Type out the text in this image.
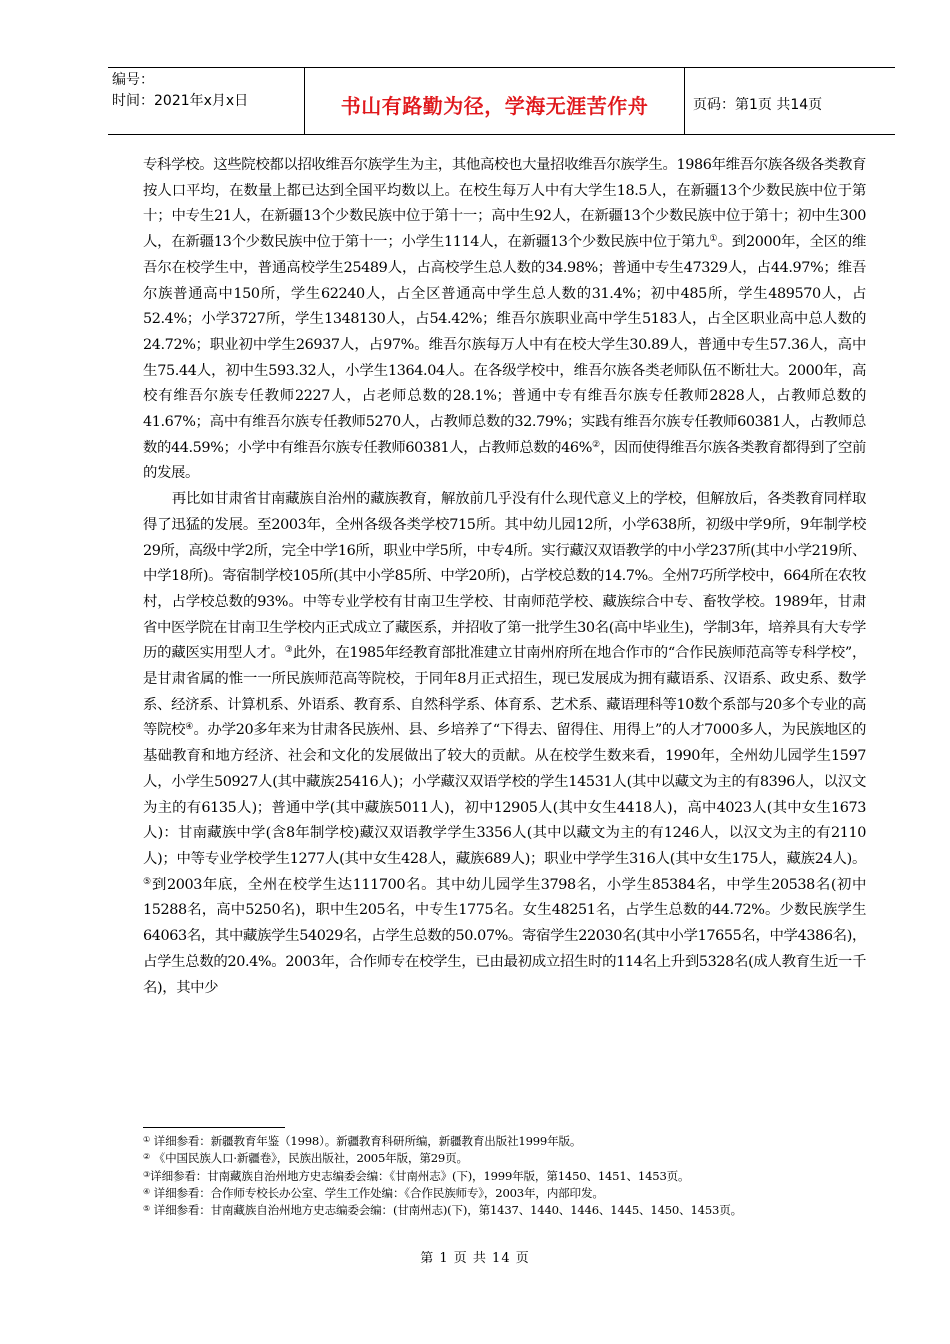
编号：
时间：2021年x月x日	书山有路勤为径，学海无涯苦作舟	页码：第1页 共14页

专科学校。这些院校都以招收维吾尔族学生为主，其他高校也大量招收维吾尔族学生。1986年维吾尔族各级各类教育按人口平均，在数量上都已达到全国平均数以上。在校生每万人中有大学生18.5人，在新疆13个少数民族中位于第十；中专生21人，在新疆13个少数民族中位于第十一；高中生92人，在新疆13个少数民族中位于第十；初中生300人，在新疆13个少数民族中位于第十一；小学生1114人，在新疆13个少数民族中位于第九①。到2000年，全区的维吾尔在校学生中，普通高校学生25489人，占高校学生总人数的34.98%；普通中专生47329人，占44.97%；维吾尔族普通高中150所，学生62240人，占全区普通高中学生总人数的31.4%；初中485所，学生489570人，占52.4%；小学3727所，学生1348130人，占54.42%；维吾尔族职业高中学生5183人，占全区职业高中总人数的24.72%；职业初中学生26937人，占97%。维吾尔族每万人中有在校大学生30.89人，普通中专生57.36人，高中生75.44人，初中生593.32人，小学生1364.04人。在各级学校中，维吾尔族各类老师队伍不断壮大。2000年，高校有维吾尔族专任教师2227人，占老师总数的28.1%；普通中专有维吾尔族专任教师2828人，占教师总数的41.67%；高中有维吾尔族专任教师5270人，占教师总数的32.79%；实践有维吾尔族专任教师60381人，占教师总数的44.59%；小学中有维吾尔族专任教师60381人，占教师总数的46%②，因而使得维吾尔族各类教育都得到了空前的发展。

再比如甘肃省甘南藏族自治州的藏族教育，解放前几乎没有什么现代意义上的学校，但解放后，各类教育同样取得了迅猛的发展。至2003年，全州各级各类学校715所。其中幼儿园12所，小学638所，初级中学9所，9年制学校29所，高级中学2所，完全中学16所，职业中学5所，中专4所。实行藏汉双语教学的中小学237所(其中小学219所、中学18所)。寄宿制学校105所(其中小学85所、中学20所)，占学校总数的14.7%。全州7巧所学校中，664所在农牧村，占学校总数的93%。中等专业学校有甘南卫生学校、甘南师范学校、藏族综合中专、畜牧学校。1989年，甘肃省中医学院在甘南卫生学校内正式成立了藏医系，并招收了第一批学生30名(高中毕业生)，学制3年，培养具有大专学历的藏医实用型人才。③此外，在1985年经教育部批准建立甘南州府所在地合作市的“合作民族师范高等专科学校”，是甘肃省属的惟一一所民族师范高等院校，于同年8月正式招生，现已发展成为拥有藏语系、汉语系、政史系、数学系、经济系、计算机系、外语系、教育系、自然科学系、体育系、艺术系、藏语理科等10数个系部与20多个专业的高等院校④。办学20多年来为甘肃各民族州、县、乡培养了“下得去、留得住、用得上”的人才7000多人，为民族地区的基础教育和地方经济、社会和文化的发展做出了较大的贡献。从在校学生数来看，1990年，全州幼儿园学生1597人，小学生50927人(其中藏族25416人)；小学藏汉双语学校的学生14531人(其中以藏文为主的有8396人，以汉文为主的有6135人)；普通中学(其中藏族5011人)，初中12905人(其中女生4418人)，高中4023人(其中女生1673人)：甘南藏族中学(含8年制学校)藏汉双语教学学生3356人(其中以藏文为主的有1246人，以汉文为主的有2110人)；中等专业学校学生1277人(其中女生428人，藏族689人)；职业中学学生316人(其中女生175人，藏族24人)。⑤到2003年底，全州在校学生达111700名。其中幼儿园学生3798名，小学生85384名，中学生20538名(初中15288名，高中5250名)，职中生205名，中专生1775名。女生48251名，占学生总数的44.72%。少数民族学生64063名，其中藏族学生54029名，占学生总数的50.07%。寄宿学生22030名(其中小学17655名，中学4386名)，占学生总数的20.4%。2003年，合作师专在校学生，已由最初成立招生时的114名上升到5328名(成人教育生近一千名)，其中少

① 详细参看：新疆教育年鉴（1998）。新疆教育科研所编，新疆教育出版社1999年版。
② 《中国民族人口·新疆卷》，民族出版社，2005年版，第29页。
③详细参看：甘南藏族自治州地方史志编委会编：《甘南州志》(下)，1999年版，第1450、1451、1453页。
④ 详细参看：合作师专校长办公室、学生工作处编：《合作民族师专》，2003年，内部印发。
⑤ 详细参看：甘南藏族自治州地方史志编委会编：(甘南州志)(下)，第1437、1440、1446、1445、1450、1453页。
第 1 页 共 14 页
